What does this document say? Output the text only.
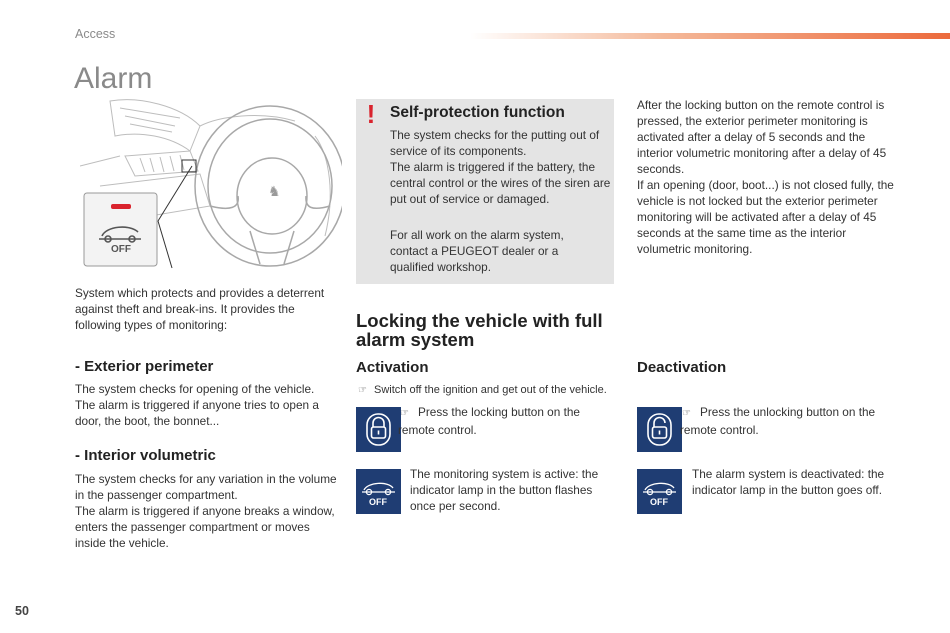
Access
Alarm
♞
OFF

System which protects and provides a deterrent against theft and break-ins. It provides the following types of monitoring:

- Exterior perimeter

The system checks for opening of the vehicle. The alarm is triggered if anyone tries to open a door, the boot, the bonnet...

- Interior volumetric

The system checks for any variation in the volume in the passenger compartment.

The alarm is triggered if anyone breaks a window, enters the passenger compartment or moves inside the vehicle.

! Self-protection function

The system checks for the putting out of service of its components.

The alarm is triggered if the battery, the central control or the wires of the siren are put out of service or damaged.

For all work on the alarm system, contact a PEUGEOT dealer or a qualified workshop.

Locking the vehicle with full alarm system
Activation
☞ Switch off the ignition and get out of the vehicle.
☞ Press the locking button on the remote control.
OFF

The monitoring system is active: the indicator lamp in the button flashes once per second.

After the locking button on the remote control is pressed, the exterior perimeter monitoring is activated after a delay of 5 seconds and the interior volumetric monitoring after a delay of 45 seconds.

If an opening (door, boot...) is not closed fully, the vehicle is not locked but the exterior perimeter monitoring will be activated after a delay of 45 seconds at the same time as the interior volumetric monitoring.

Deactivation
☞ Press the unlocking button on the remote control.
OFF

The alarm system is deactivated: the indicator lamp in the button goes off.

50
